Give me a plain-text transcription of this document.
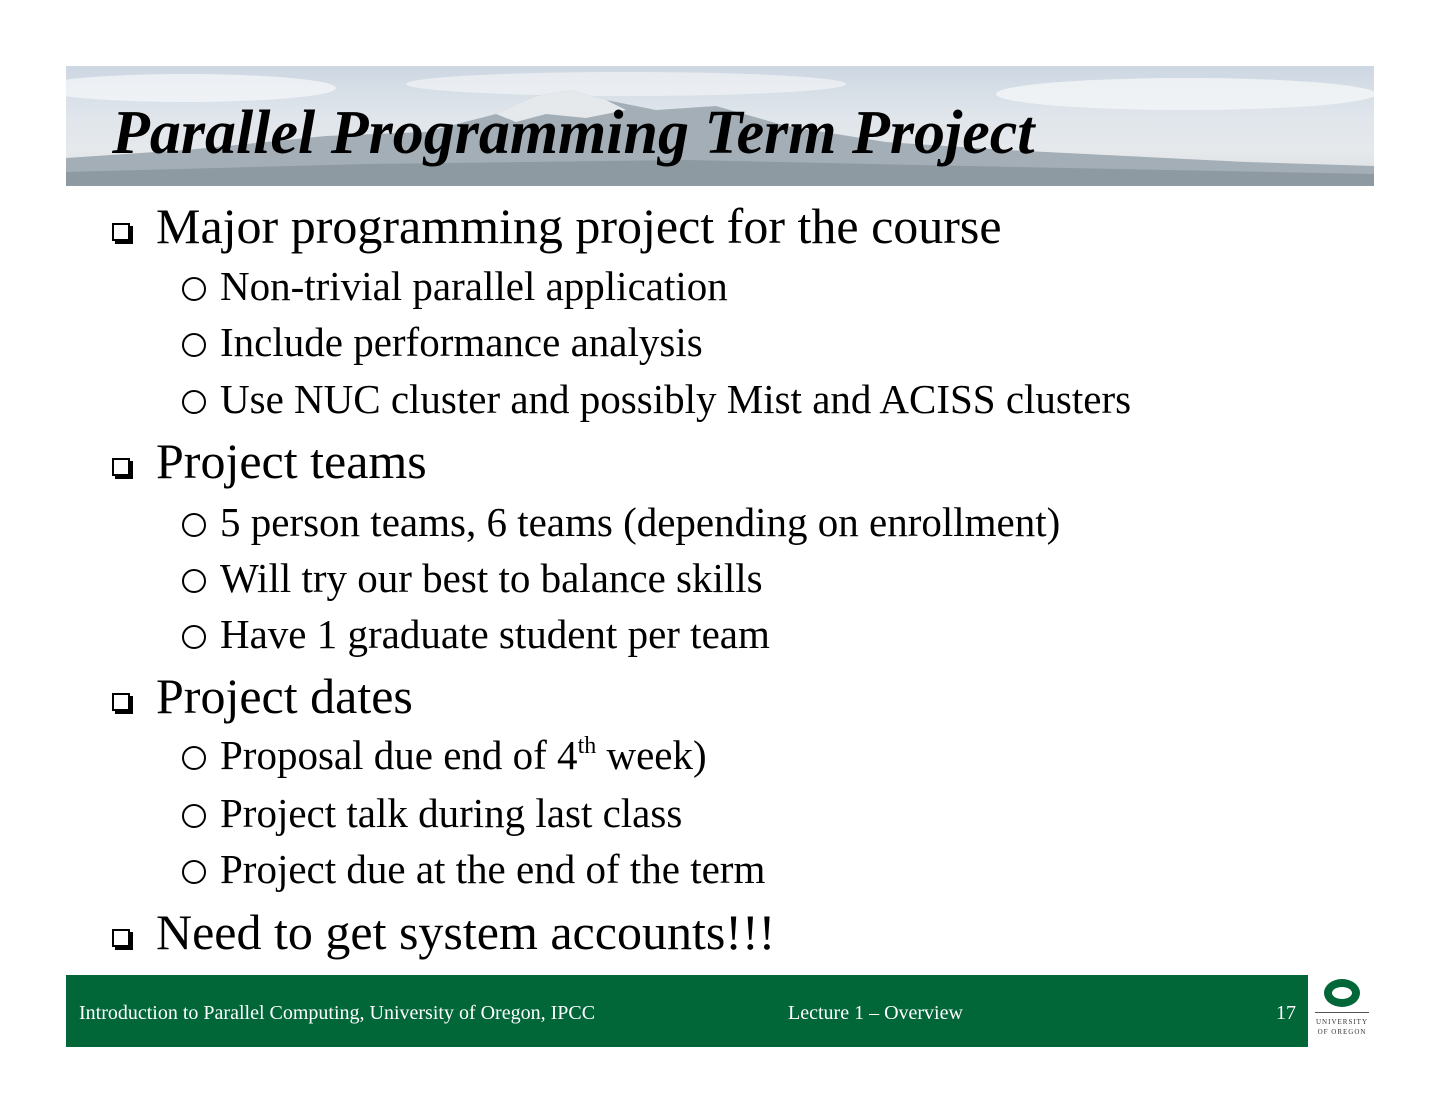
Parallel Programming Term Project
Major programming project for the course
Non-trivial parallel application
Include performance analysis
Use NUC cluster and possibly Mist and ACISS clusters
Project teams
5 person teams, 6 teams (depending on enrollment)
Will try our best to balance skills
Have 1 graduate student per team
Project dates
Proposal due end of 4th week)
Project talk during last class
Project due at the end of the term
Need to get system accounts!!!
Introduction to Parallel Computing, University of Oregon, IPCC	Lecture 1 – Overview	17	UNIVERSITY
OF OREGON
